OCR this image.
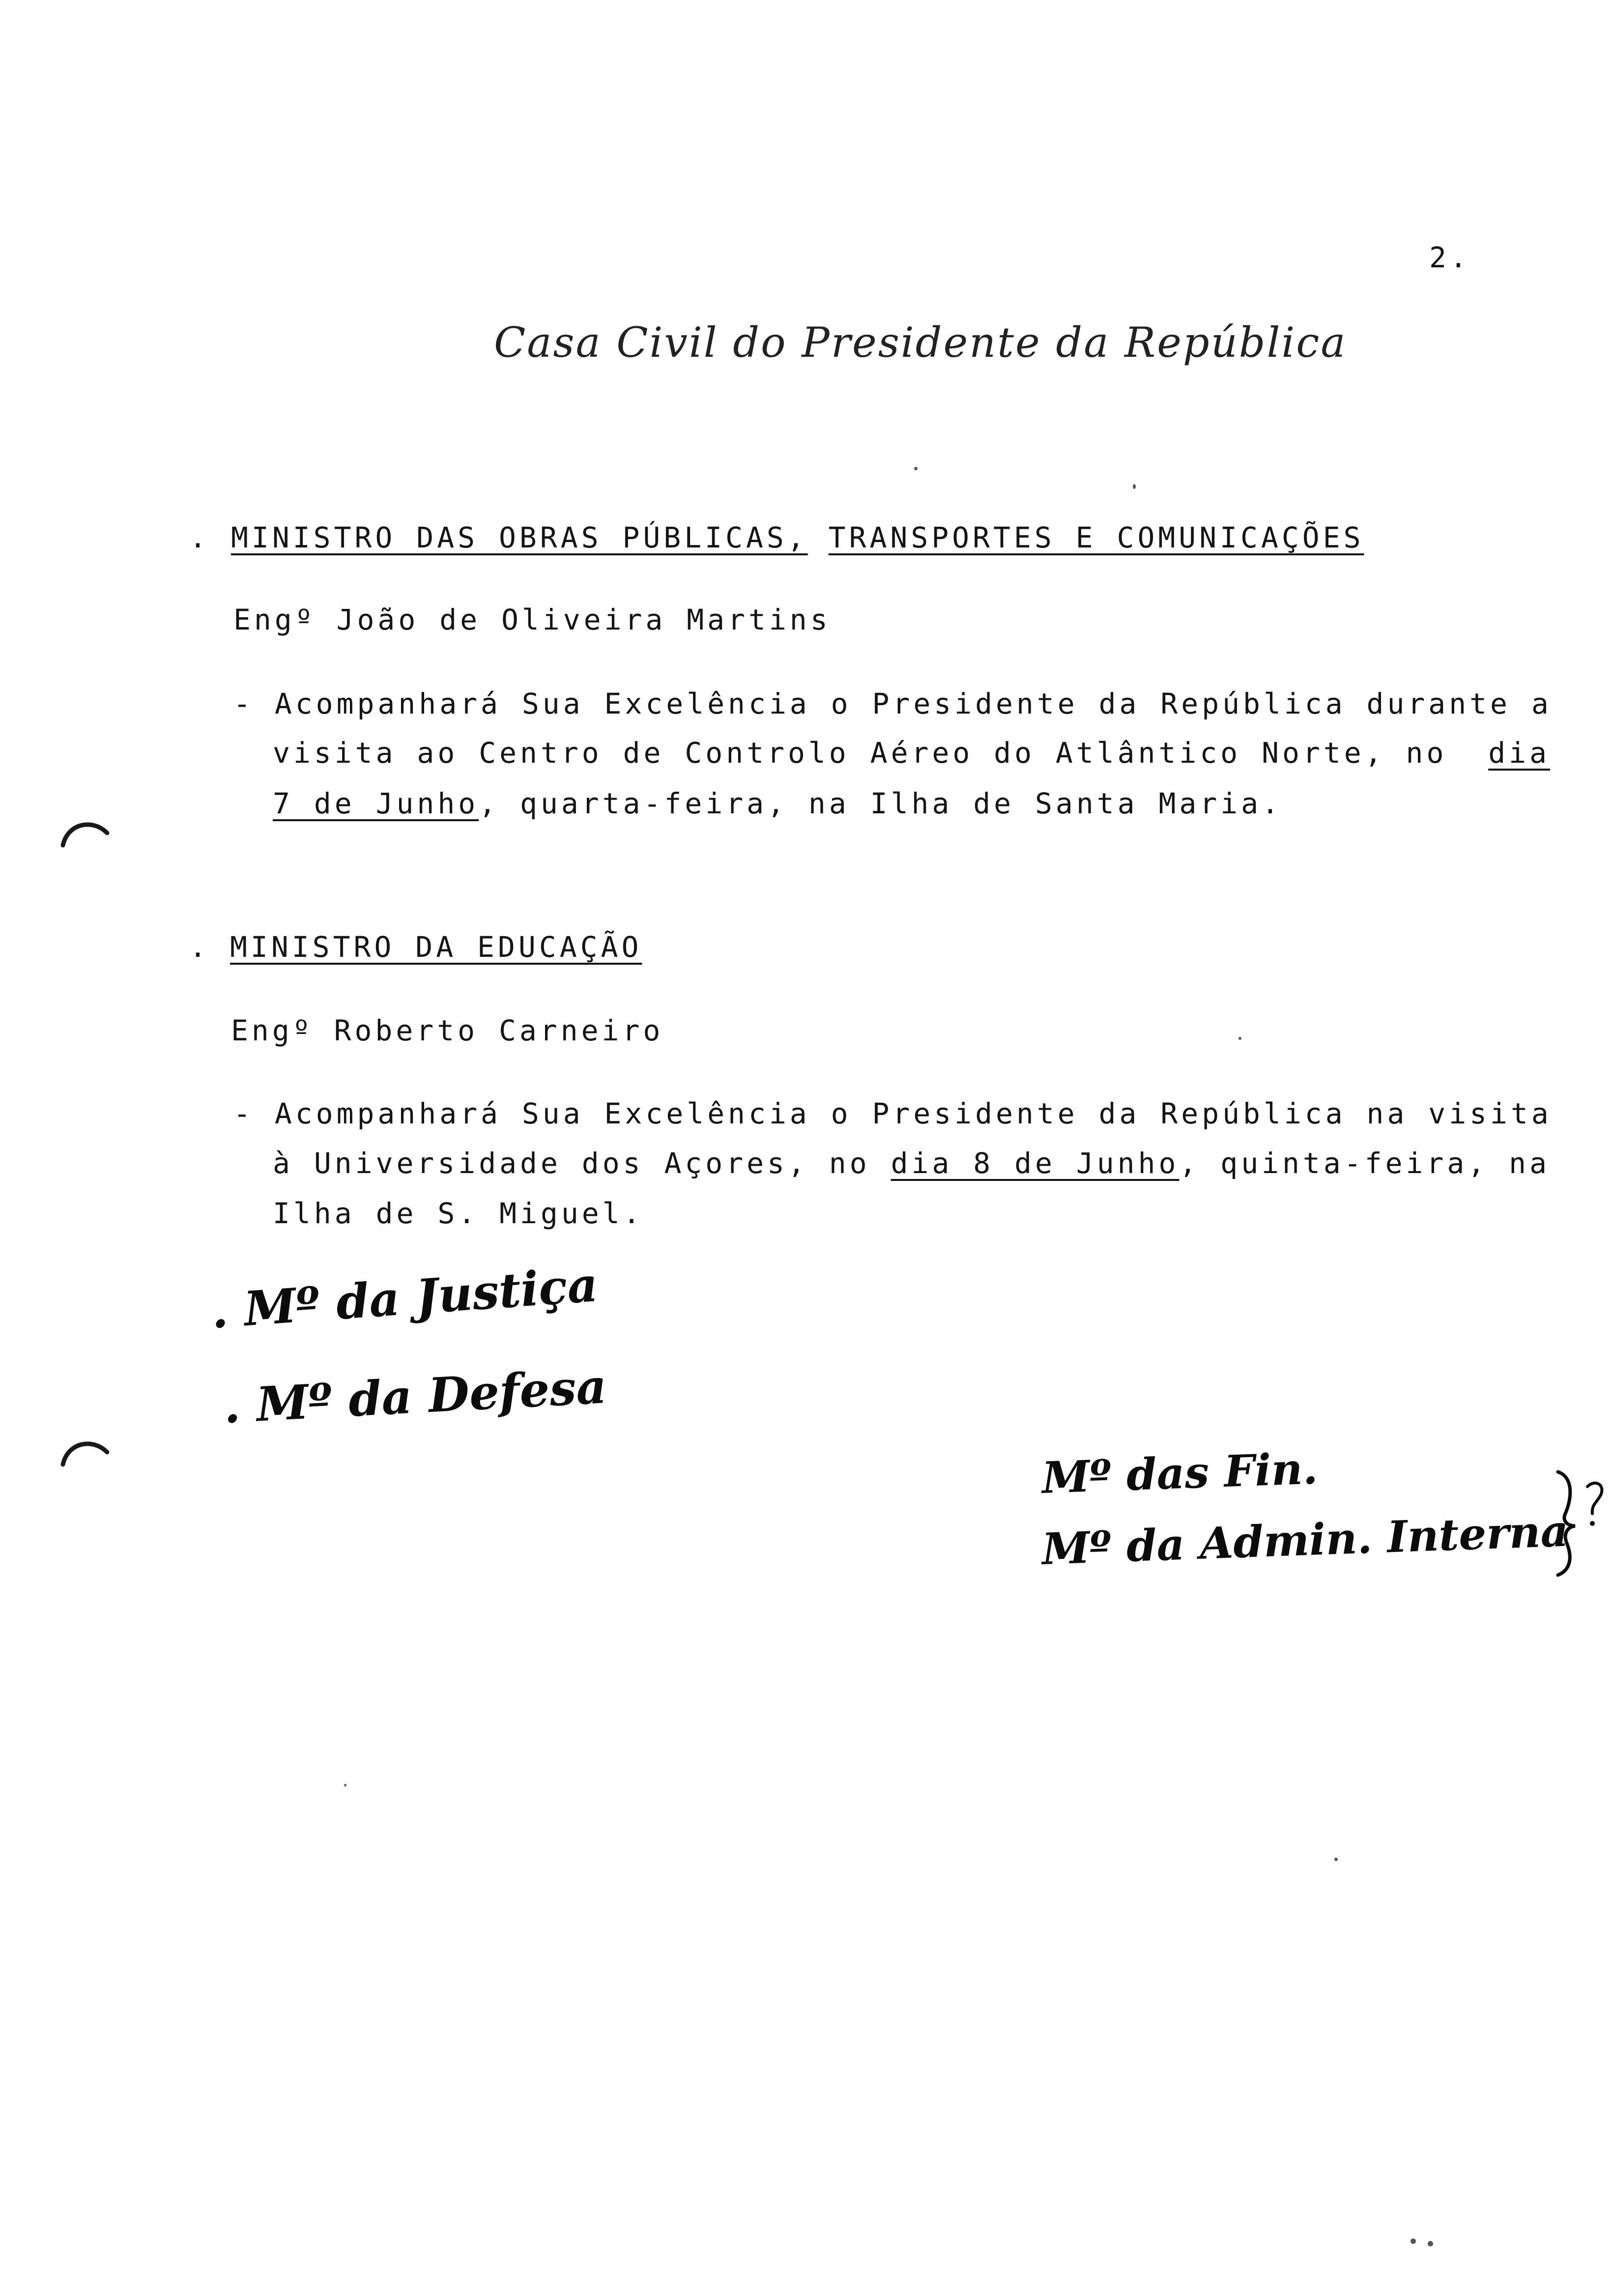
2.
Casa Civil do Presidente da República
. MINISTRO DAS OBRAS PÚBLICAS, TRANSPORTES E COMUNICAÇÕES
Engº João de Oliveira Martins
- Acompanhará Sua Excelência o Presidente da República durante a
visita ao Centro de Controlo Aéreo do Atlântico Norte, no dia
7 de Junho, quarta-feira, na Ilha de Santa Maria.
. MINISTRO DA EDUCAÇÃO
Engº Roberto Carneiro
- Acompanhará Sua Excelência o Presidente da República na visita
à Universidade dos Açores, no dia 8 de Junho, quinta-feira, na
Ilha de S. Miguel.
. Mº da Justiça
. Mº da Defesa
Mº das Fin.
Mº da Admin. Interna
